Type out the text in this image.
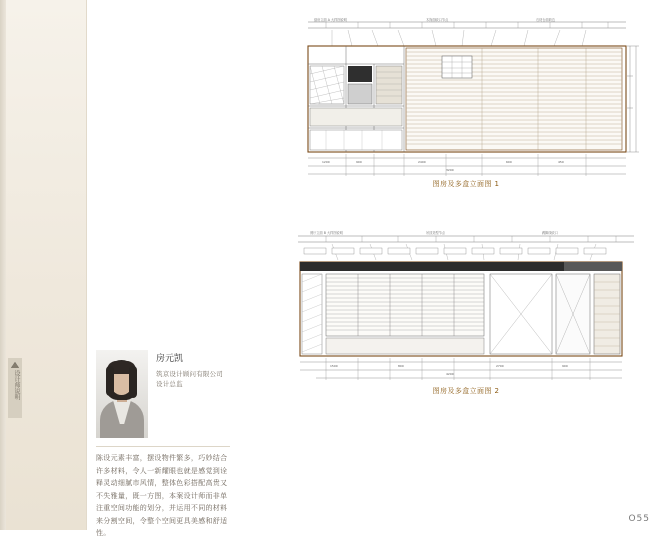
设计师说明
厨房立面 A 大样图说明	木饰面收口节点	石材台面收边
1200	900	2400	600	450
3200
图房及多盒立面图 1
餐厅立面 B 大样图说明	吊顶造型节点	踢脚线收口
1500	800	2700	900
4200
图房及多盒立面图 2
房元凯
筑京设计顾问有限公司
设计总监
陈设元素丰富，摆设物件繁多，巧妙结合许多材料，令人一新耀眼也就是感觉到诠释灵动细腻市风情，整体色彩搭配高贵又不失雅量，既一方图，本案设计师而非单注重空间功能的划分，并运用不同的材料来分割空间，令整个空间更具美感和舒适性。
O55
